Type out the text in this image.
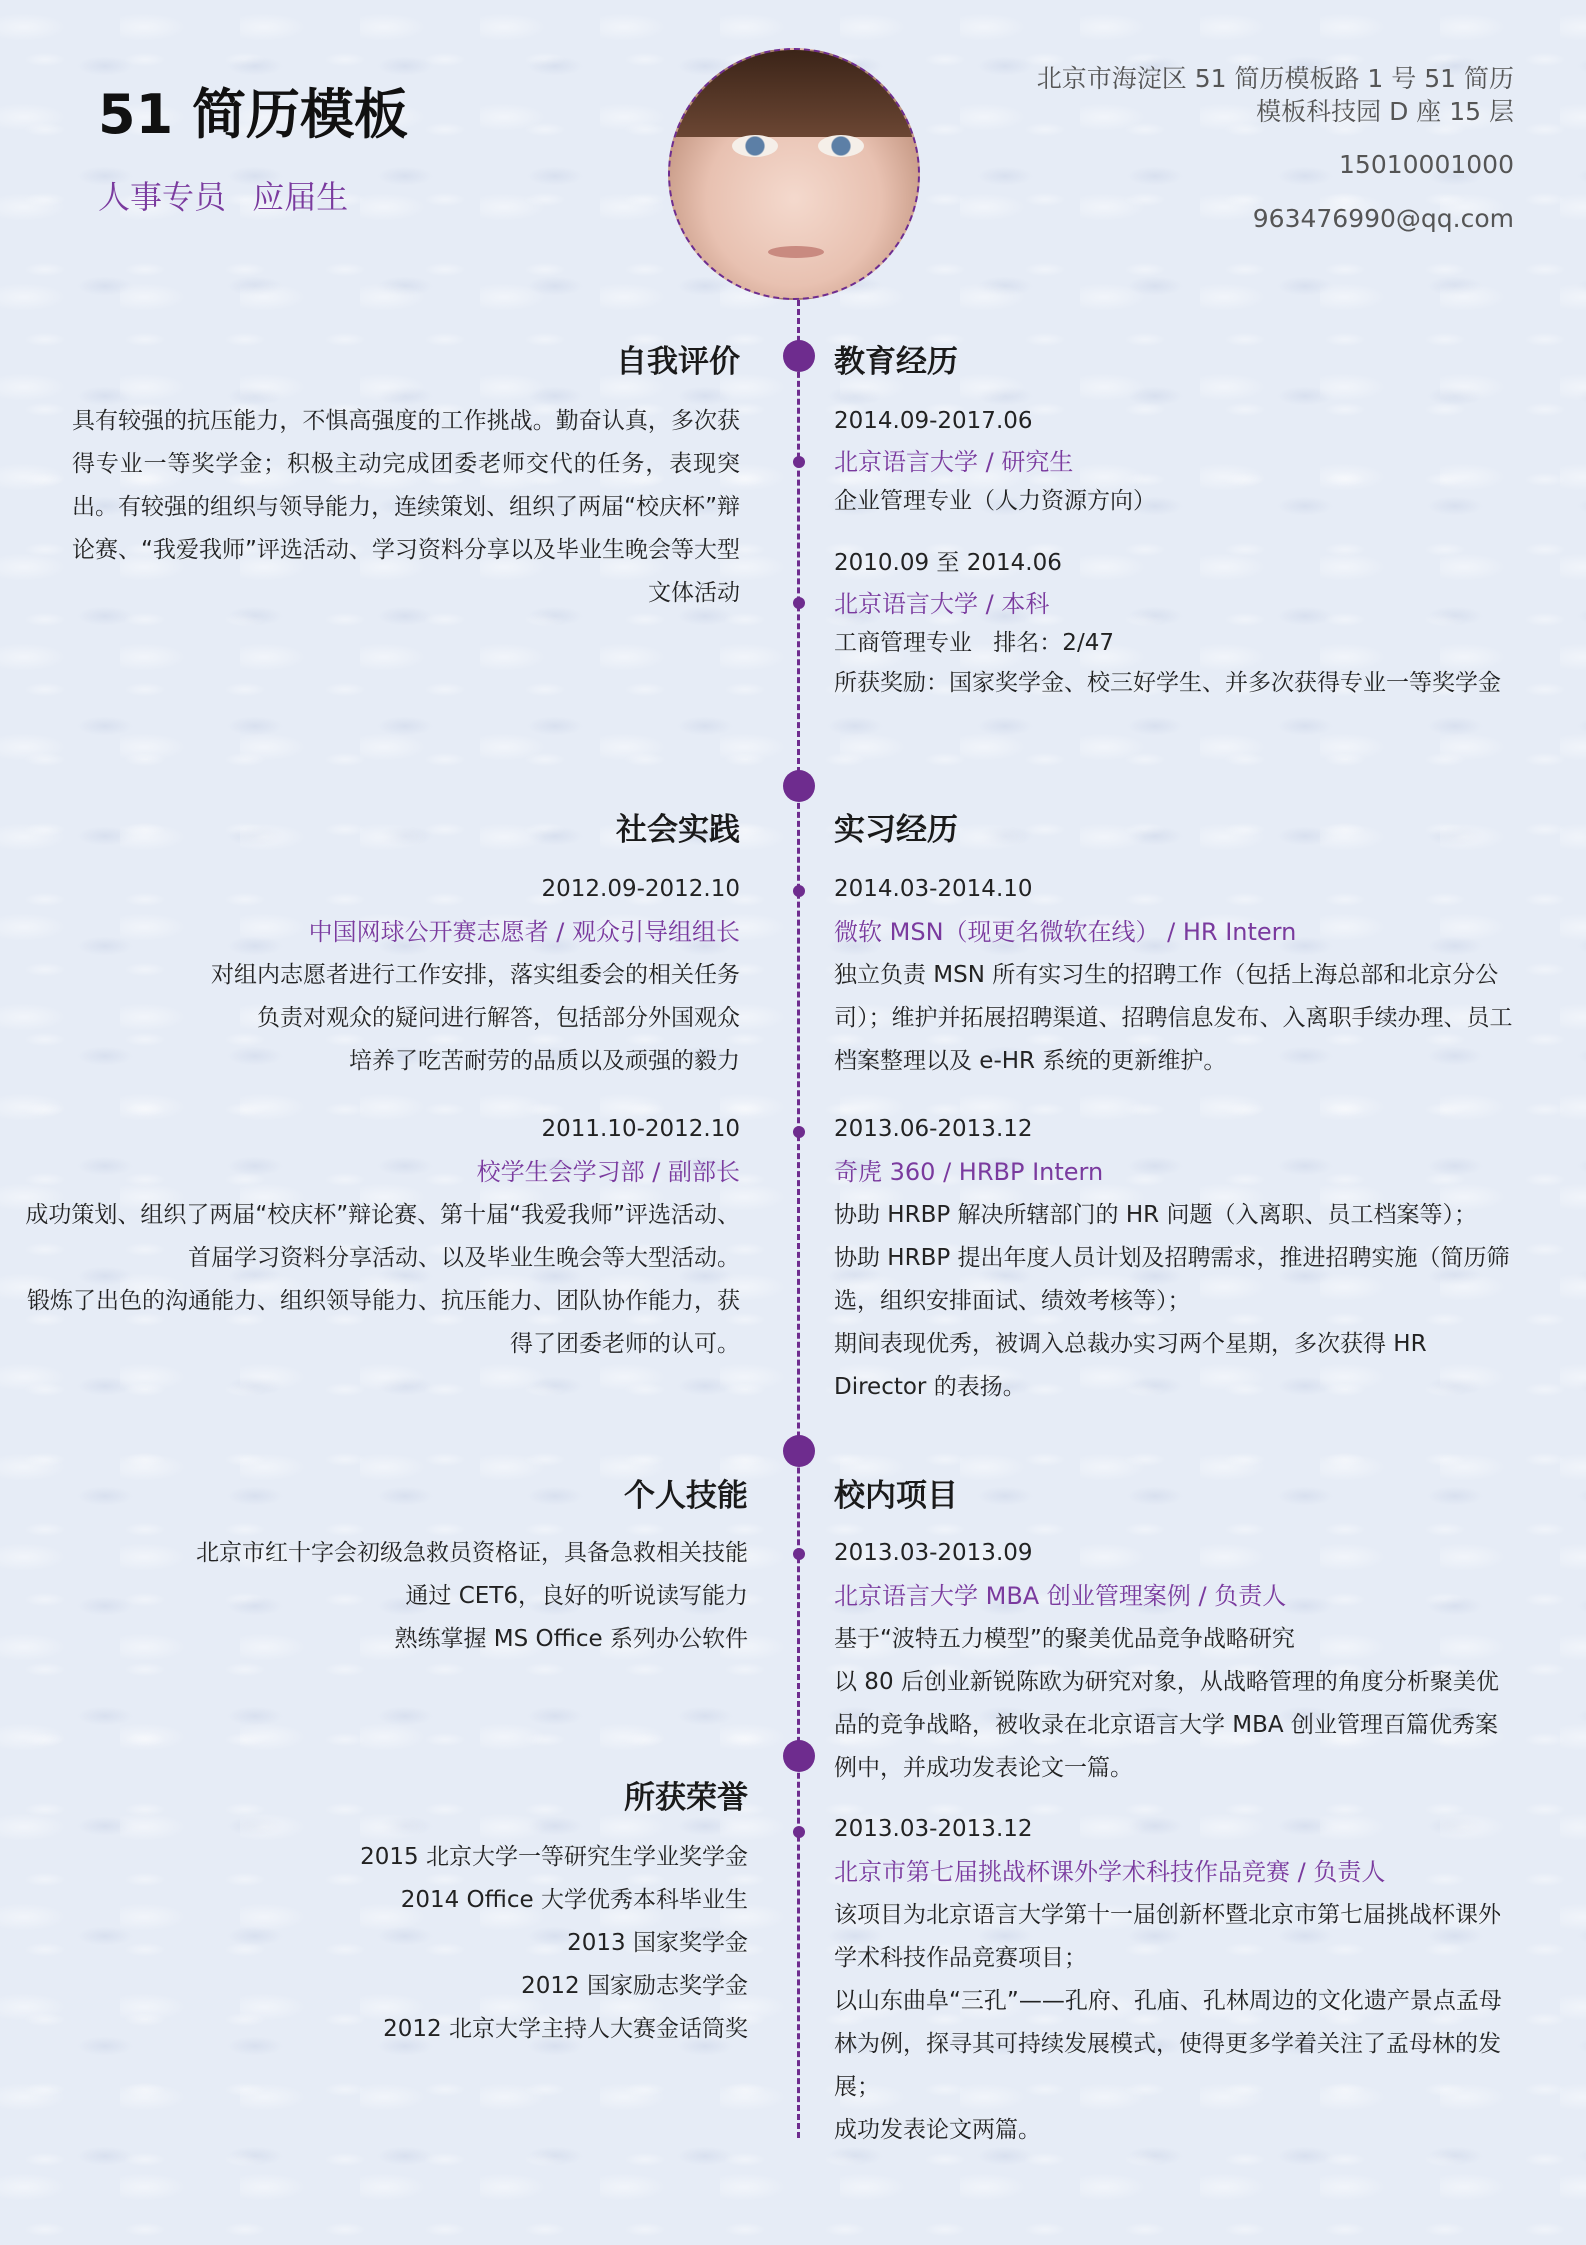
51 简历模板
人事专员 应届生
北京市海淀区 51 简历模板路 1 号 51 简历模板科技园 D 座 15 层
15010001000
963476990@qq.com
自我评价
具有较强的抗压能力，不惧高强度的工作挑战。勤奋认真，多次获得专业一等奖学金；积极主动完成团委老师交代的任务，表现突出。有较强的组织与领导能力，连续策划、组织了两届“校庆杯”辩论赛、“我爱我师”评选活动、学习资料分享以及毕业生晚会等大型文体活动
社会实践
2012.09-2012.10
中国网球公开赛志愿者 / 观众引导组组长
对组内志愿者进行工作安排，落实组委会的相关任务
负责对观众的疑问进行解答，包括部分外国观众
培养了吃苦耐劳的品质以及顽强的毅力
2011.10-2012.10
校学生会学习部 / 副部长
成功策划、组织了两届“校庆杯”辩论赛、第十届“我爱我师”评选活动、首届学习资料分享活动、以及毕业生晚会等大型活动。
锻炼了出色的沟通能力、组织领导能力、抗压能力、团队协作能力，获得了团委老师的认可。
个人技能
北京市红十字会初级急救员资格证，具备急救相关技能
通过 CET6，良好的听说读写能力
熟练掌握 MS Office 系列办公软件
所获荣誉
2015 北京大学一等研究生学业奖学金
2014 Office 大学优秀本科毕业生
2013 国家奖学金
2012 国家励志奖学金
2012 北京大学主持人大赛金话筒奖
教育经历
2014.09-2017.06
北京语言大学 / 研究生
企业管理专业（人力资源方向）
2010.09 至 2014.06
北京语言大学 / 本科
工商管理专业 排名：2/47
所获奖励：国家奖学金、校三好学生、并多次获得专业一等奖学金
实习经历
2014.03-2014.10
微软 MSN（现更名微软在线） / HR Intern
独立负责 MSN 所有实习生的招聘工作（包括上海总部和北京分公司）；维护并拓展招聘渠道、招聘信息发布、入离职手续办理、员工档案整理以及 e-HR 系统的更新维护。
2013.06-2013.12
奇虎 360 / HRBP Intern
协助 HRBP 解决所辖部门的 HR 问题（入离职、员工档案等）；
协助 HRBP 提出年度人员计划及招聘需求，推进招聘实施（简历筛选，组织安排面试、绩效考核等）；
期间表现优秀，被调入总裁办实习两个星期，多次获得 HR Director 的表扬。
校内项目
2013.03-2013.09
北京语言大学 MBA 创业管理案例 / 负责人
基于“波特五力模型”的聚美优品竞争战略研究
以 80 后创业新锐陈欧为研究对象，从战略管理的角度分析聚美优品的竞争战略，被收录在北京语言大学 MBA 创业管理百篇优秀案例中，并成功发表论文一篇。
2013.03-2013.12
北京市第七届挑战杯课外学术科技作品竞赛 / 负责人
该项目为北京语言大学第十一届创新杯暨北京市第七届挑战杯课外学术科技作品竞赛项目；
以山东曲阜“三孔”——孔府、孔庙、孔林周边的文化遗产景点孟母林为例，探寻其可持续发展模式，使得更多学着关注了孟母林的发展；
成功发表论文两篇。
